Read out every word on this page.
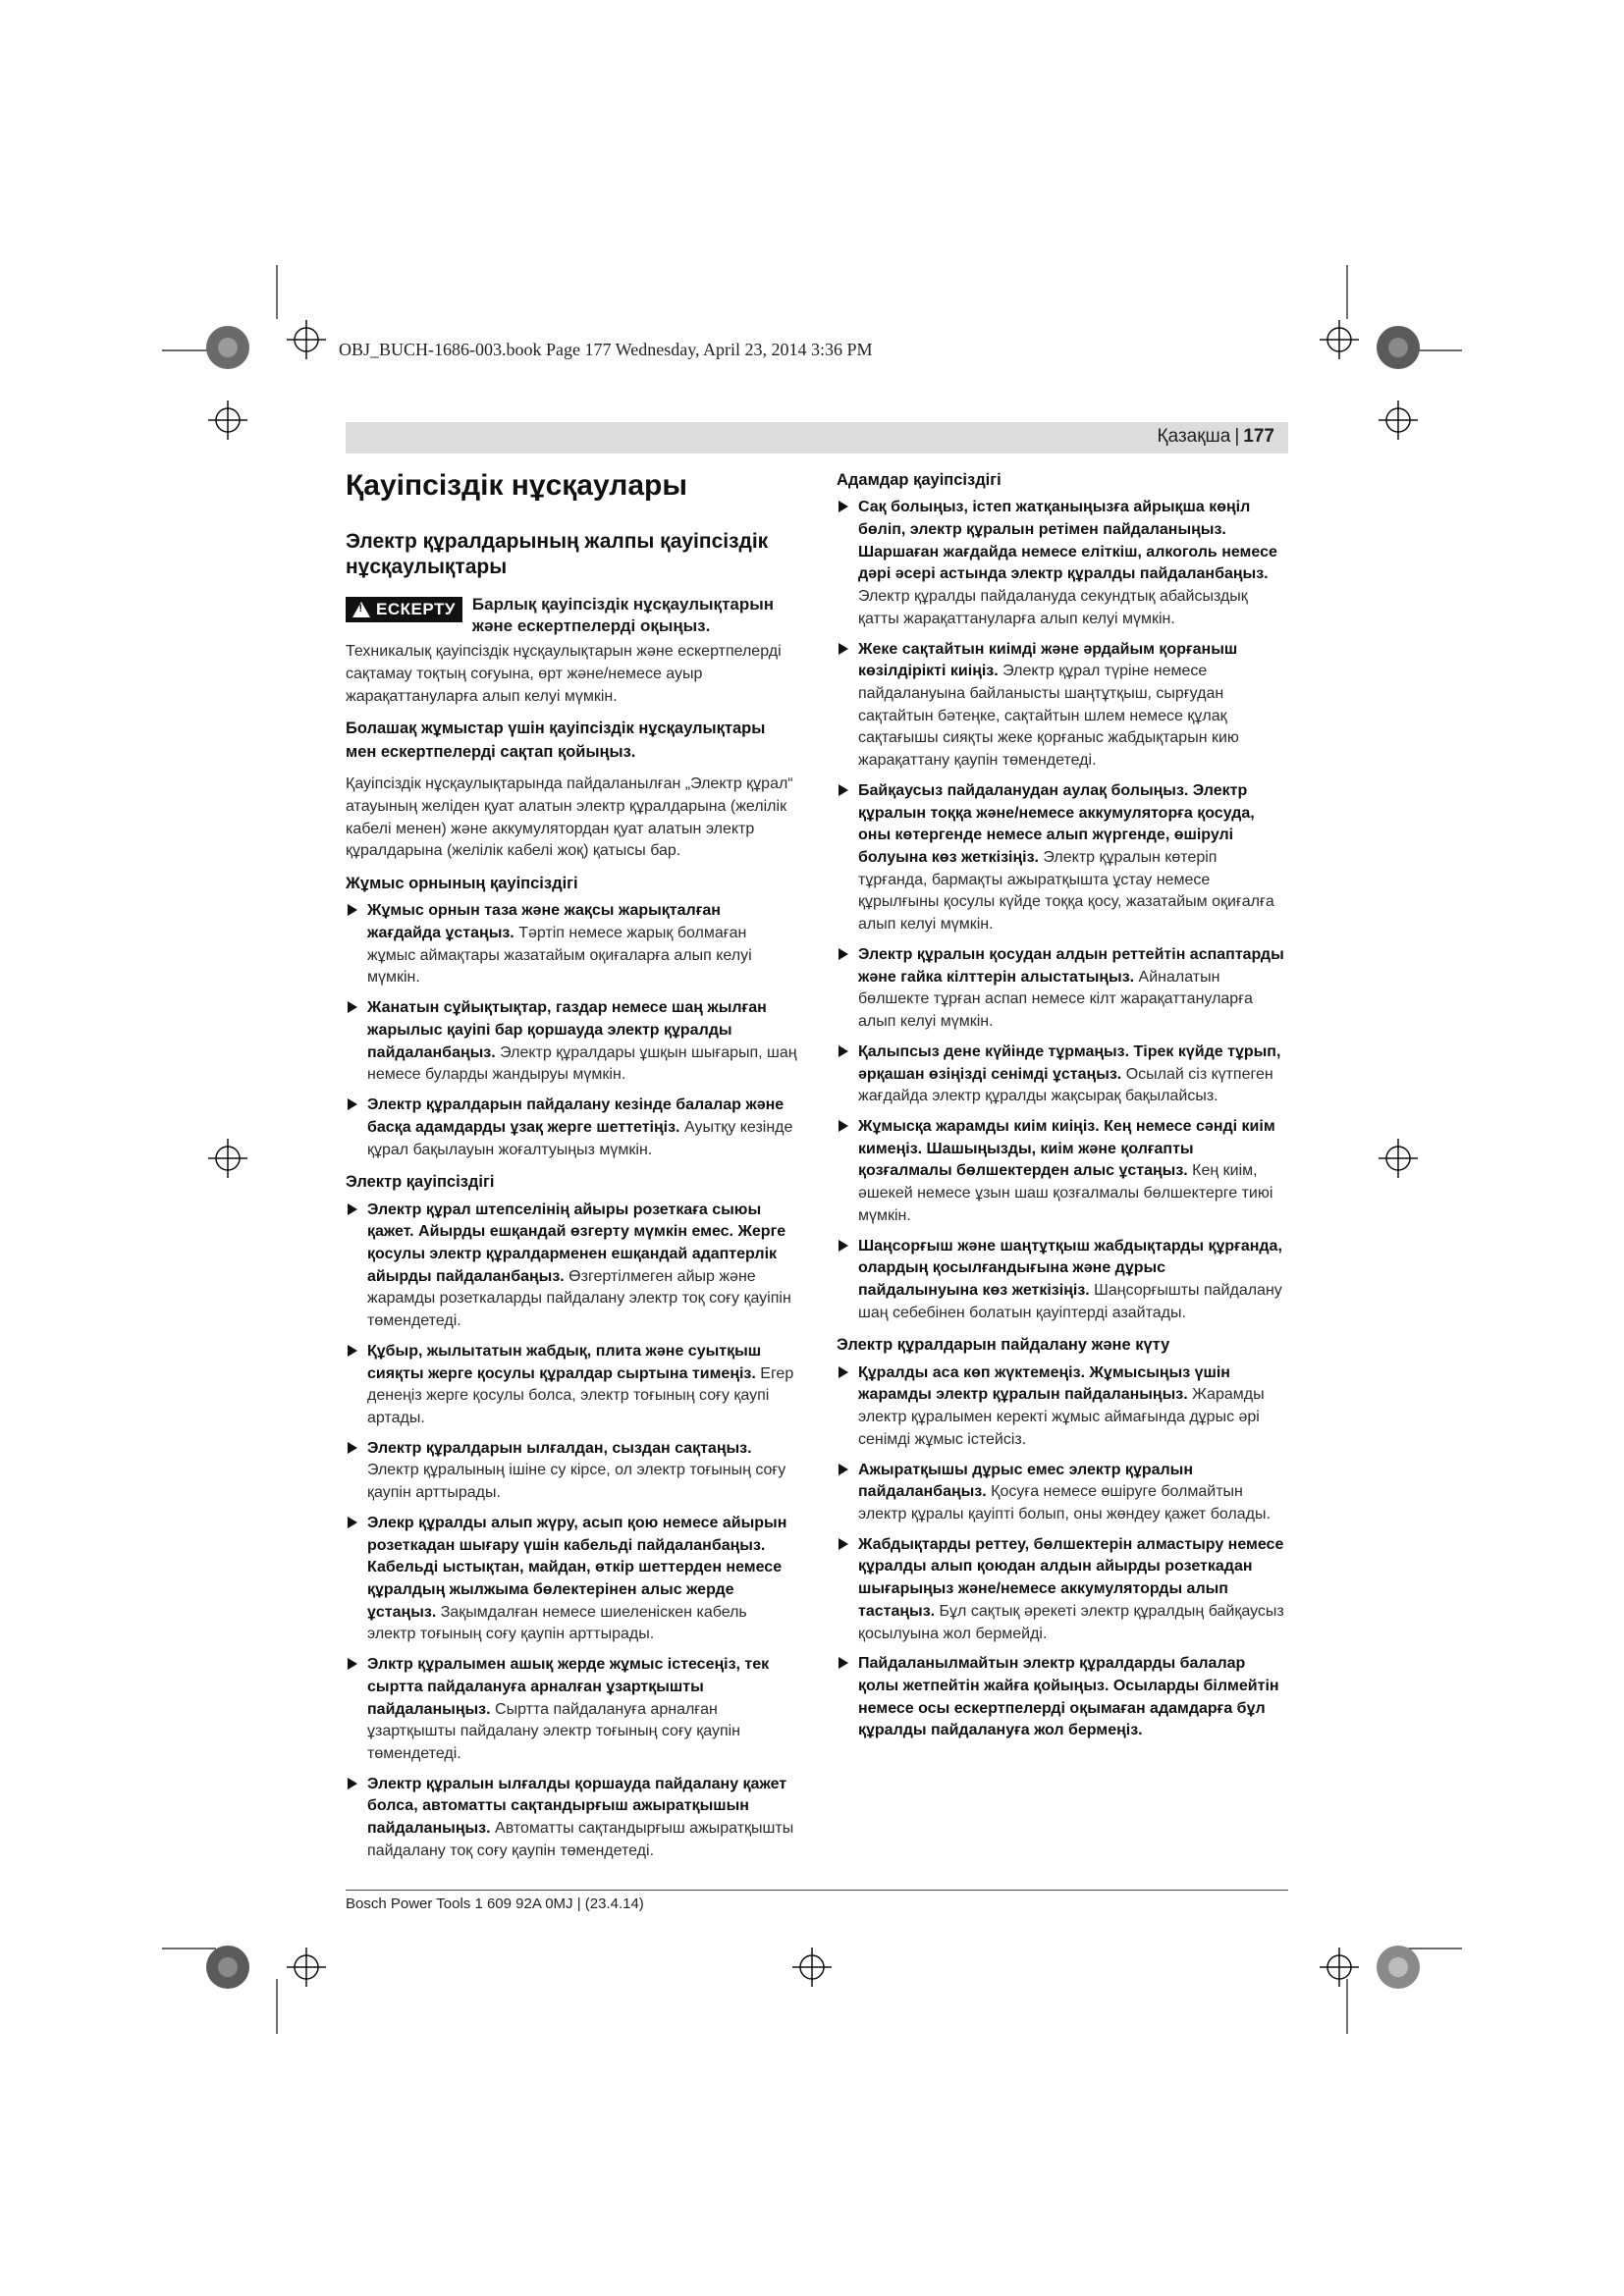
OBJ_BUCH-1686-003.book Page 177 Wednesday, April 23, 2014 3:36 PM
Қазақша | 177
Қауіпсіздік нұсқаулары
Электр құралдарының жалпы қауіпсіздік нұсқаулықтары
!
ЕСКЕРТУ Барлық қауіпсіздік нұсқаулықтарын және ескертпелерді оқыңыз.

Техникалық қауіпсіздік нұсқаулықтарын және ескертпелерді сақтамау тоқтың соғуына, өрт және/немесе ауыр жарақаттануларға алып келуі мүмкін.

Болашақ жұмыстар үшін қауіпсіздік нұсқаулықтары мен ескертпелерді сақтап қойыңыз.

Қауіпсіздік нұсқаулықтарында пайдаланылған „Электр құрал“ атауының желіден қуат алатын электр құралдарына (желілік кабелі менен) және аккумулятордан қуат алатын электр құралдарына (желілік кабелі жоқ) қатысы бар.

Жұмыс орнының қауіпсіздігі
Жұмыс орнын таза және жақсы жарықталған жағдайда ұстаңыз. Тәртіп немесе жарық болмаған жұмыс аймақтары жазатайым оқиғаларға алып келуі мүмкін.
Жанатын сұйықтықтар, газдар немесе шаң жылған жарылыс қауіпі бар қоршауда электр құралды пайдаланбаңыз. Электр құралдары ұшқын шығарып, шаң немесе буларды жандыруы мүмкін.
Электр құралдарын пайдалану кезінде балалар және басқа адамдарды ұзақ жерге шеттетіңіз. Ауытқу кезінде құрал бақылауын жоғалтуыңыз мүмкін.
Электр қауіпсіздігі
Электр құрал штепселінің айыры розеткаға сыюы қажет. Айырды ешқандай өзгерту мүмкін емес. Жерге қосулы электр құралдарменен ешқандай адаптерлік айырды пайдаланбаңыз. Өзгертілмеген айыр және жарамды розеткаларды пайдалану электр тоқ соғу қауіпін төмендетеді.
Құбыр, жылытатын жабдық, плита және суытқыш сияқты жерге қосулы құралдар сыртына тимеңіз. Егер денеңіз жерге қосулы болса, электр тоғының соғу қаупі артады.
Электр құралдарын ылғалдан, сыздан сақтаңыз. Электр құралының ішіне су кірсе, ол электр тоғының соғу қаупін арттырады.
Элекр құралды алып жүру, асып қою немесе айырын розеткадан шығару үшін кабельді пайдаланбаңыз. Кабельді ыстықтан, майдан, өткір шеттерден немесе құралдың жылжыма бөлектерінен алыс жерде ұстаңыз. Зақымдалған немесе шиеленіскен кабель электр тоғының соғу қаупін арттырады.
Элктр құралымен ашық жерде жұмыс істесеңіз, тек сыртта пайдалануға арналған ұзартқышты пайдаланыңыз. Сыртта пайдалануға арналған ұзартқышты пайдалану электр тоғының соғу қаупін төмендетеді.
Электр құралын ылғалды қоршауда пайдалану қажет болса, автоматты сақтандырғыш ажыратқышын пайдаланыңыз. Автоматты сақтандырғыш ажыратқышты пайдалану тоқ соғу қаупін төмендетеді.
Адамдар қауіпсіздігі
Сақ болыңыз, істеп жатқаныңызға айрықша көңіл бөліп, электр құралын ретімен пайдаланыңыз. Шаршаған жағдайда немесе еліткіш, алкоголь немесе дәрі әсері астында электр құралды пайдаланбаңыз. Электр құралды пайдалануда секундтық абайсыздық қатты жарақаттануларға алып келуі мүмкін.
Жеке сақтайтын киімді және әрдайым қорғаныш көзілдірікті киіңіз. Электр құрал түріне немесе пайдалануына байланысты шаңтұтқыш, сырғудан сақтайтын бәтеңке, сақтайтын шлем немесе құлақ сақтағышы сияқты жеке қорғаныс жабдықтарын кию жарақаттану қаупін төмендетеді.
Байқаусыз пайдаланудан аулақ болыңыз. Электр құралын тоққа және/немесе аккумуляторға қосуда, оны көтергенде немесе алып жүргенде, өшірулі болуына көз жеткізіңіз. Электр құралын көтеріп тұрғанда, бармақты ажыратқышта ұстау немесе құрылғыны қосулы күйде тоққа қосу, жазатайым оқиғалға алып келуі мүмкін.
Электр құралын қосудан алдын реттейтін аспаптарды және гайка кілттерін алыстатыңыз. Айналатын бөлшекте тұрған аспап немесе кілт жарақаттануларға алып келуі мүмкін.
Қалыпсыз дене күйінде тұрмаңыз. Тірек күйде тұрып, әрқашан өзіңізді сенімді ұстаңыз. Осылай сіз күтпеген жағдайда электр құралды жақсырақ бақылайсыз.
Жұмысқа жарамды киім киіңіз. Кең немесе сәнді киім кимеңіз. Шашыңызды, киім және қолғапты қозғалмалы бөлшектерден алыс ұстаңыз. Кең киім, әшекей немесе ұзын шаш қозғалмалы бөлшектерге тиюі мүмкін.
Шаңсорғыш және шаңтұтқыш жабдықтарды құрғанда, олардың қосылғандығына және дұрыс пайдалынуына көз жеткізіңіз. Шаңсорғышты пайдалану шаң себебінен болатын қауіптерді азайтады.
Электр құралдарын пайдалану және күту
Құралды аса көп жүктемеңіз. Жұмысыңыз үшін жарамды электр құралын пайдаланыңыз. Жарамды электр құралымен керекті жұмыс аймағында дұрыс әрі сенімді жұмыс істейсіз.
Ажыратқышы дұрыс емес электр құралын пайдаланбаңыз. Қосуға немесе өшіруге болмайтын электр құралы қауіпті болып, оны жөндеу қажет болады.
Жабдықтарды реттеу, бөлшектерін алмастыру немесе құралды алып қоюдан алдын айырды розеткадан шығарыңыз және/немесе аккумуляторды алып тастаңыз. Бұл сақтық әрекеті электр құралдың байқаусыз қосылуына жол бермейді.
Пайдаланылмайтын электр құралдарды балалар қолы жетпейтін жайға қойыңыз. Осыларды білмейтін немесе осы ескертпелерді оқымаған адамдарға бұл құралды пайдалануға жол бермеңіз.
Bosch Power Tools 1 609 92A 0MJ | (23.4.14)
